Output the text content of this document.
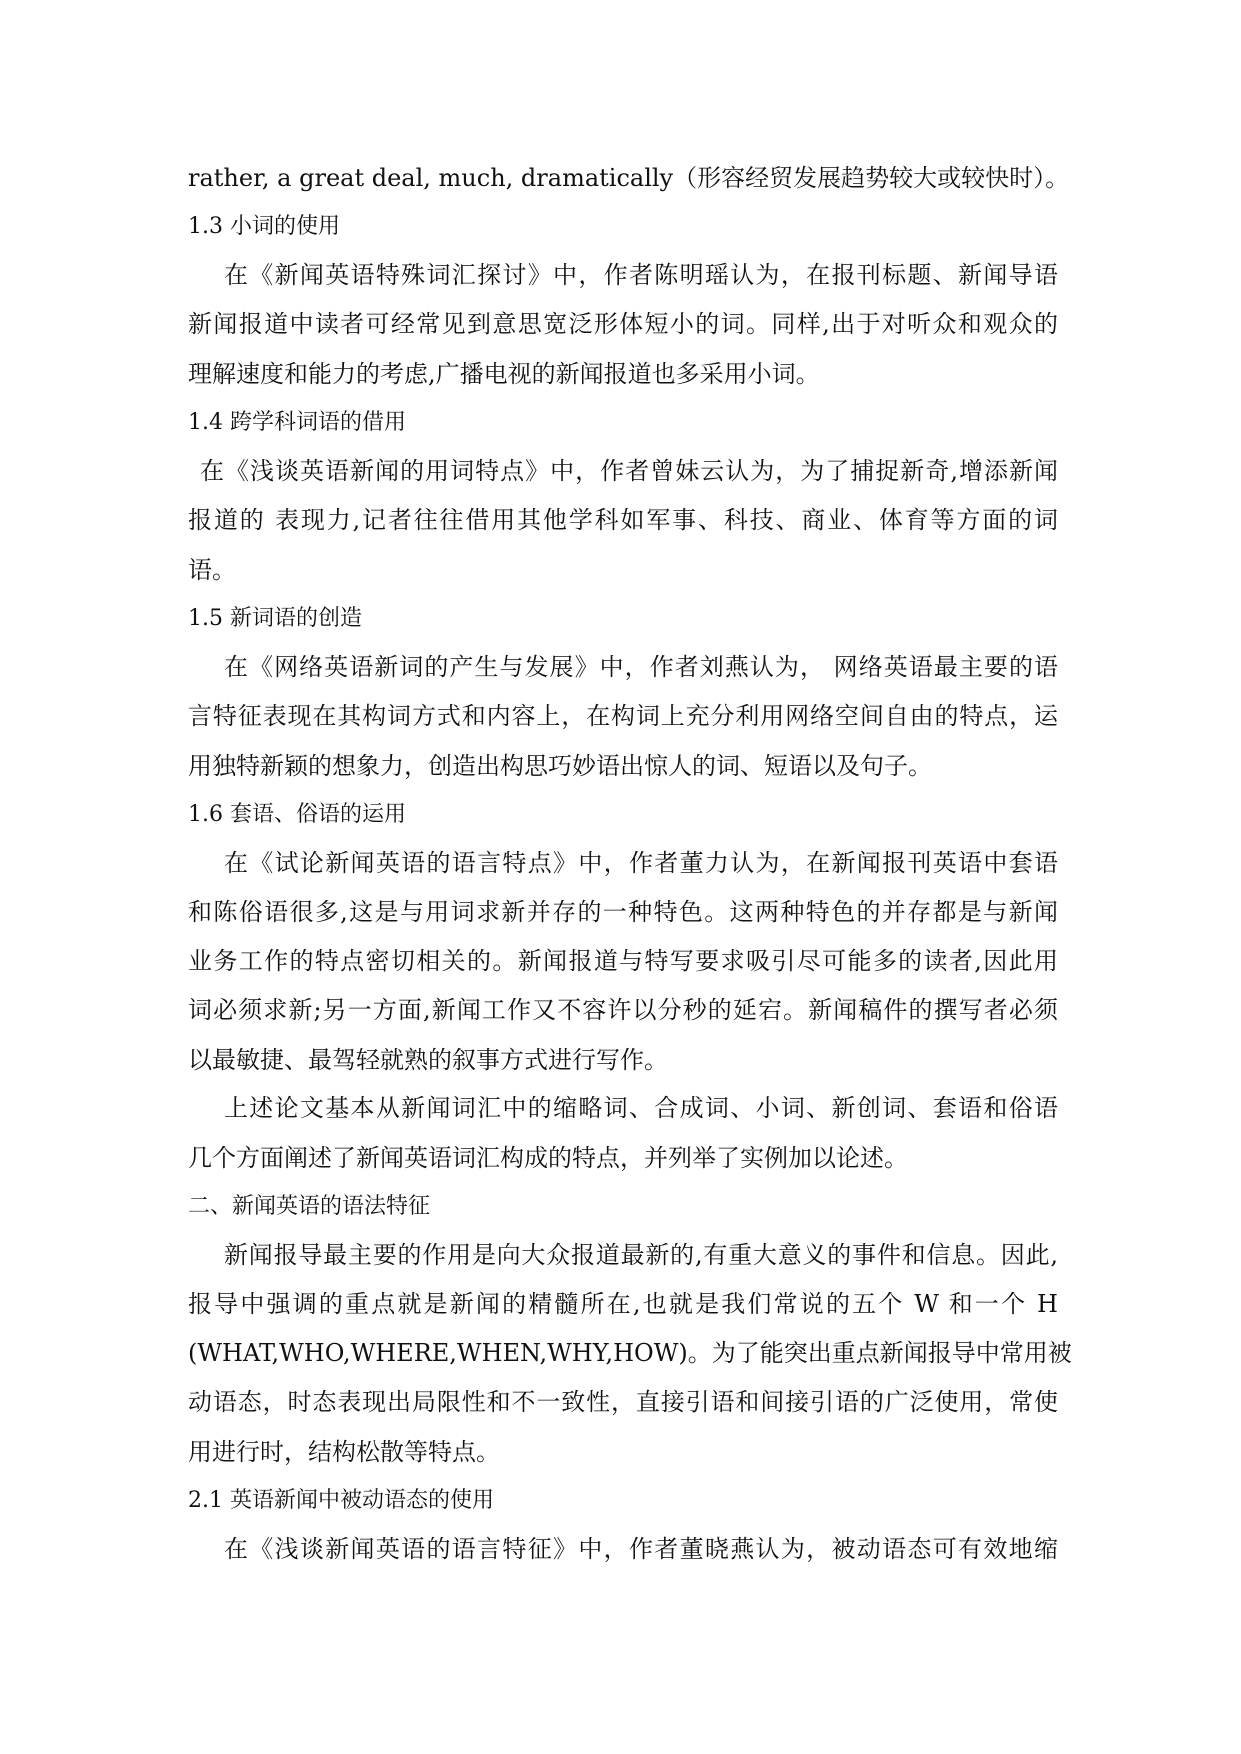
rather, a great deal, much, dramatically（形容经贸发展趋势较大或较快时）。
1.3 小词的使用
在《新闻英语特殊词汇探讨》中，作者陈明瑶认为，在报刊标题、新闻导语
新闻报道中读者可经常见到意思宽泛形体短小的词。同样,出于对听众和观众的
理解速度和能力的考虑,广播电视的新闻报道也多采用小词。
1.4 跨学科词语的借用
在《浅谈英语新闻的用词特点》中，作者曾妹云认为，为了捕捉新奇,增添新闻
报道的 表现力,记者往往借用其他学科如军事、科技、商业、体育等方面的词
语。
1.5 新词语的创造
在《网络英语新词的产生与发展》中，作者刘燕认为， 网络英语最主要的语
言特征表现在其构词方式和内容上，在构词上充分利用网络空间自由的特点，运
用独特新颖的想象力，创造出构思巧妙语出惊人的词、短语以及句子。
1.6 套语、俗语的运用
在《试论新闻英语的语言特点》中，作者董力认为，在新闻报刊英语中套语
和陈俗语很多,这是与用词求新并存的一种特色。这两种特色的并存都是与新闻
业务工作的特点密切相关的。新闻报道与特写要求吸引尽可能多的读者,因此用
词必须求新;另一方面,新闻工作又不容许以分秒的延宕。新闻稿件的撰写者必须
以最敏捷、最驾轻就熟的叙事方式进行写作。
上述论文基本从新闻词汇中的缩略词、合成词、小词、新创词、套语和俗语
几个方面阐述了新闻英语词汇构成的特点，并列举了实例加以论述。
二、新闻英语的语法特征
新闻报导最主要的作用是向大众报道最新的,有重大意义的事件和信息。因此,
报导中强调的重点就是新闻的精髓所在,也就是我们常说的五个 W 和一个 H
(WHAT,WHO,WHERE,WHEN,WHY,HOW)。为了能突出重点新闻报导中常用被
动语态，时态表现出局限性和不一致性，直接引语和间接引语的广泛使用，常使
用进行时，结构松散等特点。
2.1 英语新闻中被动语态的使用
在《浅谈新闻英语的语言特征》中，作者董晓燕认为，被动语态可有效地缩
